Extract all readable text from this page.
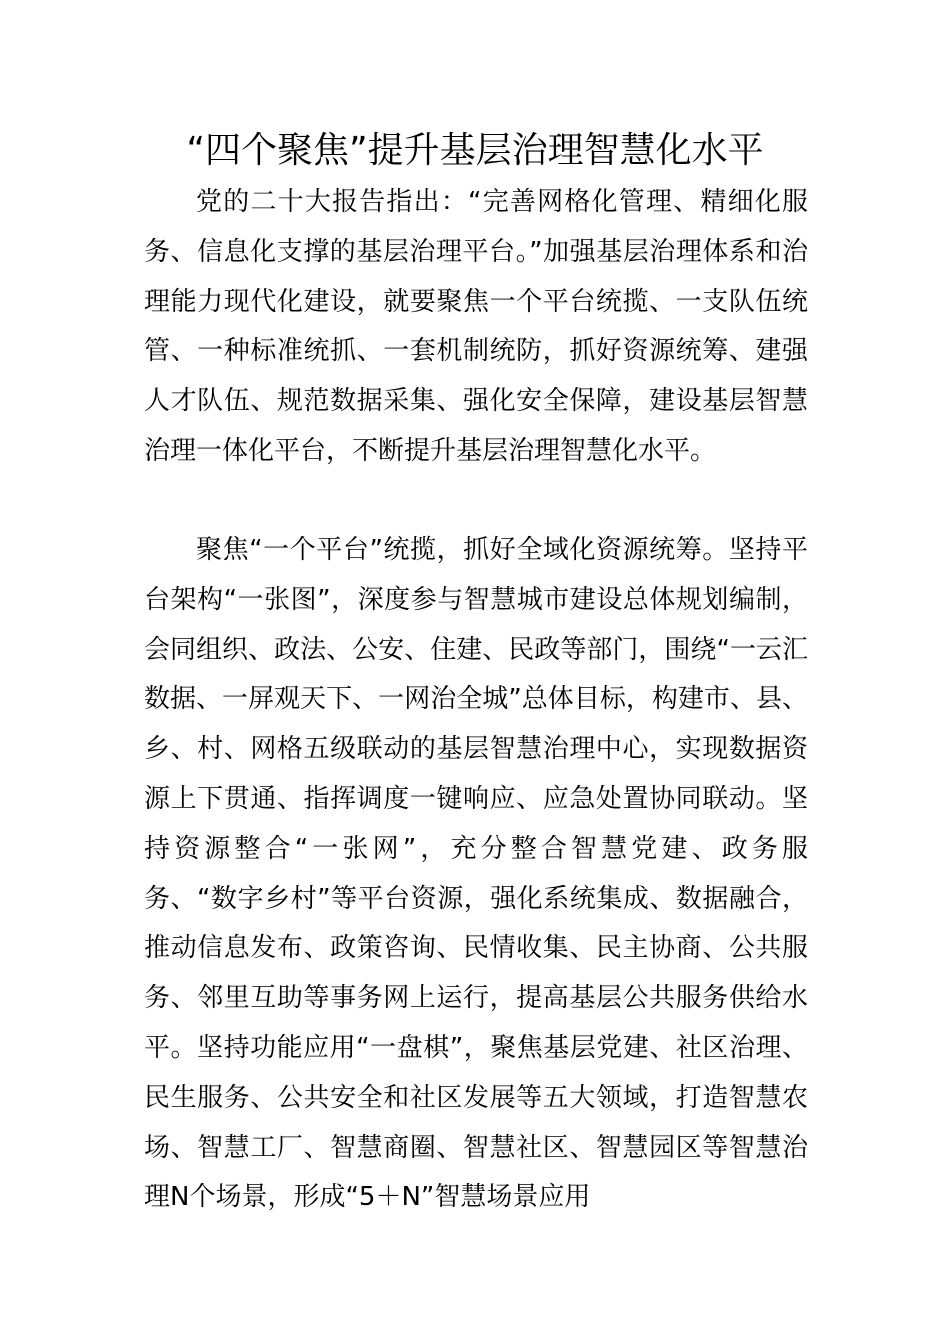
“四个聚焦”提升基层治理智慧化水平

党的二十大报告指出：“完善网格化管理、精细化服务、信息化支撑的基层治理平台。”加强基层治理体系和治理能力现代化建设，就要聚焦一个平台统揽、一支队伍统管、一种标准统抓、一套机制统防，抓好资源统筹、建强人才队伍、规范数据采集、强化安全保障，建设基层智慧治理一体化平台，不断提升基层治理智慧化水平。

聚焦“一个平台”统揽，抓好全域化资源统筹。坚持平台架构“一张图”，深度参与智慧城市建设总体规划编制，会同组织、政法、公安、住建、民政等部门，围绕“一云汇数据、一屏观天下、一网治全城”总体目标，构建市、县、乡、村、网格五级联动的基层智慧治理中心，实现数据资源上下贯通、指挥调度一键响应、应急处置协同联动。坚持资源整合“一张网”，充分整合智慧党建、政务服务、“数字乡村”等平台资源，强化系统集成、数据融合，推动信息发布、政策咨询、民情收集、民主协商、公共服务、邻里互助等事务网上运行，提高基层公共服务供给水平。坚持功能应用“一盘棋”，聚焦基层党建、社区治理、民生服务、公共安全和社区发展等五大领域，打造智慧农场、智慧工厂、智慧商圈、智慧社区、智慧园区等智慧治理N个场景，形成“5＋N”智慧场景应用
